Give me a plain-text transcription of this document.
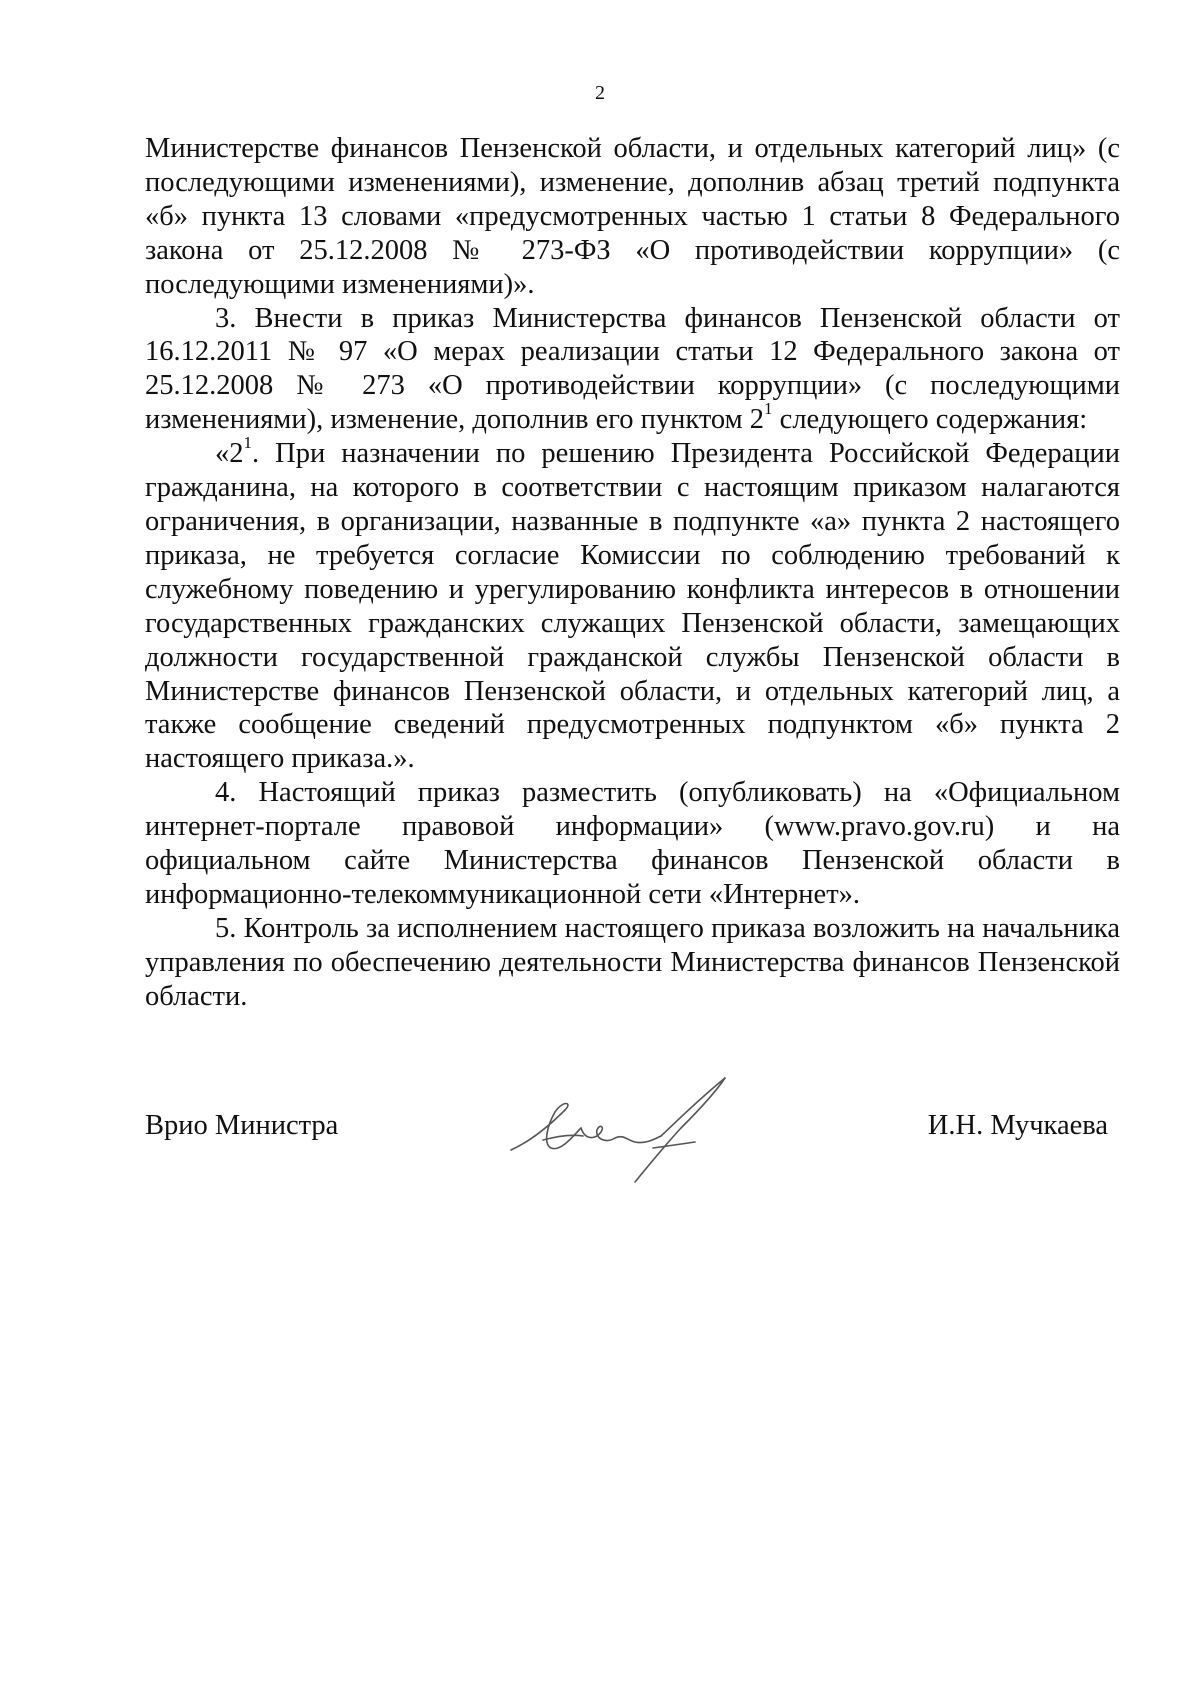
2

Министерстве финансов Пензенской области, и отдельных категорий лиц» (с последующими изменениями), изменение, дополнив абзац третий подпункта «б» пункта 13 словами «предусмотренных частью 1 статьи 8 Федерального закона от 25.12.2008 № 273-ФЗ «О противодействии коррупции» (с последующими изменениями)».

3. Внести в приказ Министерства финансов Пензенской области от 16.12.2011 № 97 «О мерах реализации статьи 12 Федерального закона от 25.12.2008 № 273 «О противодействии коррупции» (с последующими изменениями), изменение, дополнив его пунктом $2^1$ следующего содержания:

«$2^1$. При назначении по решению Президента Российской Федерации гражданина, на которого в соответствии с настоящим приказом налагаются ограничения, в организации, названные в подпункте «а» пункта 2 настоящего приказа, не требуется согласие Комиссии по соблюдению требований к служебному поведению и урегулированию конфликта интересов в отношении государственных гражданских служащих Пензенской области, замещающих должности государственной гражданской службы Пензенской области в Министерстве финансов Пензенской области, и отдельных категорий лиц, а также сообщение сведений предусмотренных подпунктом «б» пункта 2 настоящего приказа.».

4. Настоящий приказ разместить (опубликовать) на «Официальном интернет-портале правовой информации» (www.pravo.gov.ru) и на официальном сайте Министерства финансов Пензенской области в информационно-телекоммуникационной сети «Интернет».

5. Контроль за исполнением настоящего приказа возложить на начальника управления по обеспечению деятельности Министерства финансов Пензенской области.

Врио Министра	И.Н. Мучкаева
